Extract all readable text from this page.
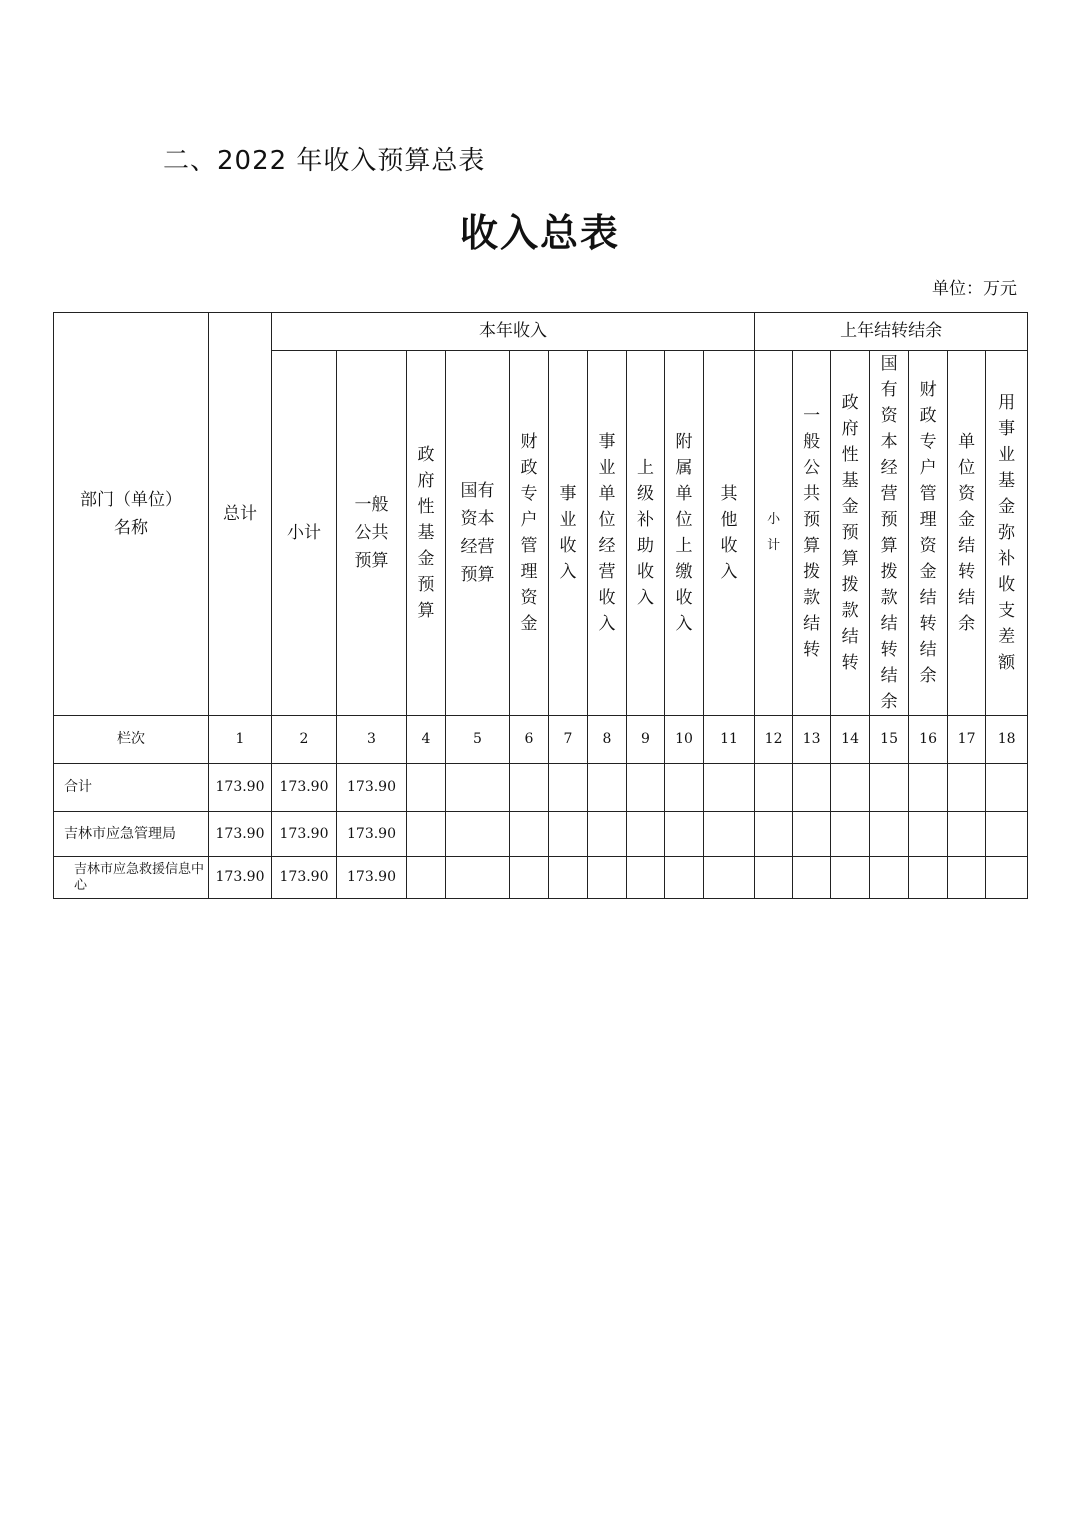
二、2022 年收入预算总表
收入总表
单位：万元
部门（单位）名称	总计	本年收入										上年结转结余						
		小计	一般公共预算	政府性基金预算	国有资本经营预算	财政专户管理资金	事业收入	事业单位经营收入	上级补助收入	附属单位上缴收入	其他收入	小计	一般公共预算拨款结转	政府性基金预算拨款结转	国有资本经营预算拨款结转结余	财政专户管理资金结转结余	单位资金结转结余	用事业基金弥补收支差额
栏次	1	2	3	4	5	6	7	8	9	10	11	12	13	14	15	16	17	18
合计	173.90	173.90	173.90															
吉林市应急管理局	173.90	173.90	173.90															
吉林市应急救援信息中心	173.90	173.90	173.90															
